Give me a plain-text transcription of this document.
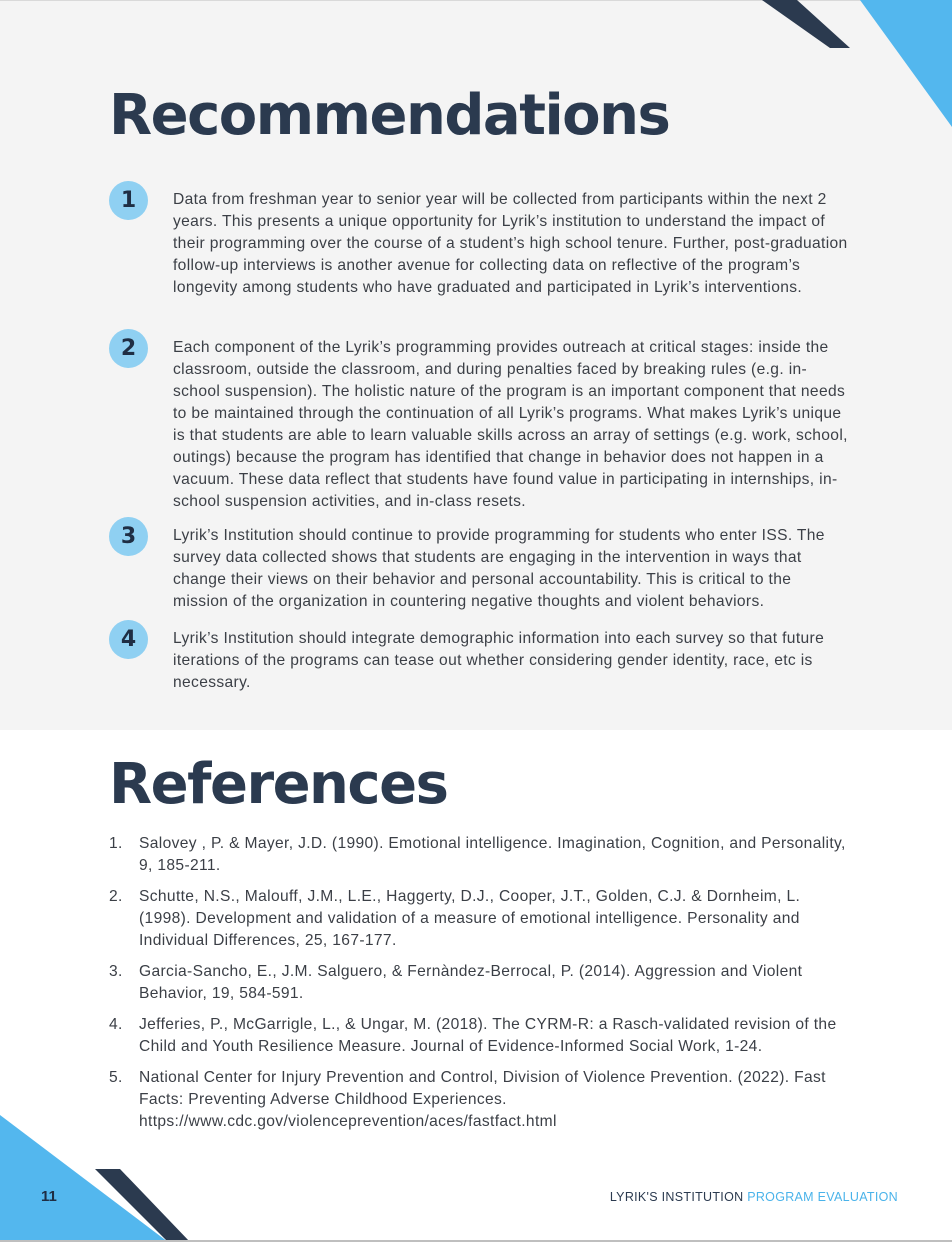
Recommendations
1	Data from freshman year to senior year will be collected from participants within the next 2 years. This presents a unique opportunity for Lyrik’s institution to understand the impact of their programming over the course of a student’s high school tenure. Further, post-graduation follow-up interviews is another avenue for collecting data on reflective of the program’s longevity among students who have graduated and participated in Lyrik’s interventions.

2	Each component of the Lyrik’s programming provides outreach at critical stages: inside the classroom, outside the classroom, and during penalties faced by breaking rules (e.g. in-school suspension). The holistic nature of the program is an important component that needs to be maintained through the continuation of all Lyrik’s programs. What makes Lyrik’s unique is that students are able to learn valuable skills across an array of settings (e.g. work, school, outings) because the program has identified that change in behavior does not happen in a vacuum. These data reflect that students have found value in participating in internships, in-school suspension activities, and in-class resets.

3	Lyrik’s Institution should continue to provide programming for students who enter ISS. The survey data collected shows that students are engaging in the intervention in ways that change their views on their behavior and personal accountability. This is critical to the mission of the organization in countering negative thoughts and violent behaviors.

4	Lyrik’s Institution should integrate demographic information into each survey so that future iterations of the programs can tease out whether considering gender identity, race, etc is necessary.

References
1. Salovey , P. & Mayer, J.D. (1990). Emotional intelligence. Imagination, Cognition, and Personality, 9, 185-211.
2. Schutte, N.S., Malouff, J.M., L.E., Haggerty, D.J., Cooper, J.T., Golden, C.J. & Dornheim, L. (1998). Development and validation of a measure of emotional intelligence. Personality and Individual Differences, 25, 167-177.
3. Garcia-Sancho, E., J.M. Salguero, & Fernàndez-Berrocal, P. (2014). Aggression and Violent Behavior, 19, 584-591.
4. Jefferies, P., McGarrigle, L., & Ungar, M. (2018). The CYRM-R: a Rasch-validated revision of the Child and Youth Resilience Measure. Journal of Evidence-Informed Social Work, 1-24.
5. National Center for Injury Prevention and Control, Division of Violence Prevention. (2022). Fast Facts: Preventing Adverse Childhood Experiences. https://www.cdc.gov/violenceprevention/aces/fastfact.html
11	LYRIK'S INSTITUTION PROGRAM EVALUATION
